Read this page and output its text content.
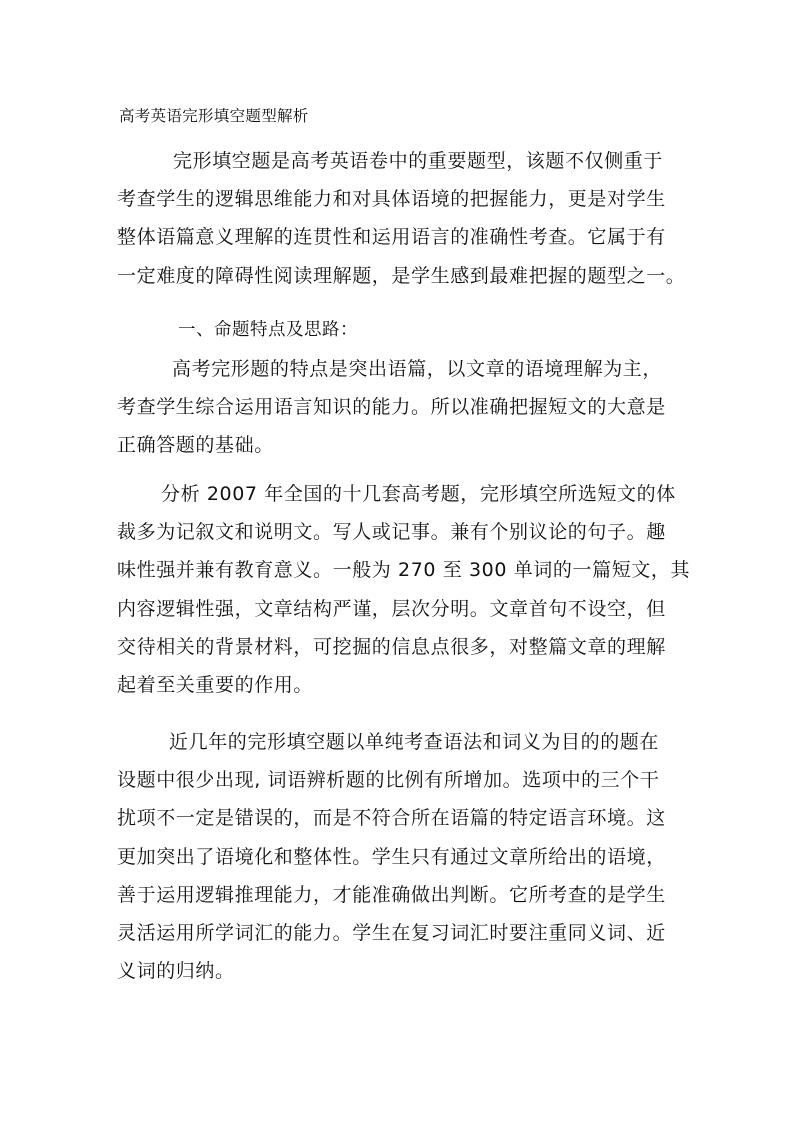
高考英语完形填空题型解析
完形填空题是高考英语卷中的重要题型，该题不仅侧重于
考查学生的逻辑思维能力和对具体语境的把握能力，更是对学生
整体语篇意义理解的连贯性和运用语言的准确性考查。它属于有
一定难度的障碍性阅读理解题，是学生感到最难把握的题型之一。
一、命题特点及思路：
高考完形题的特点是突出语篇，以文章的语境理解为主，
考查学生综合运用语言知识的能力。所以准确把握短文的大意是
正确答题的基础。
分析 2007 年全国的十几套高考题，完形填空所选短文的体
裁多为记叙文和说明文。写人或记事。兼有个别议论的句子。趣
味性强并兼有教育意义。一般为 270 至 300 单词的一篇短文，其
内容逻辑性强，文章结构严谨，层次分明。文章首句不设空，但
交待相关的背景材料，可挖掘的信息点很多，对整篇文章的理解
起着至关重要的作用。
近几年的完形填空题以单纯考查语法和词义为目的的题在
设题中很少出现, 词语辨析题的比例有所增加。选项中的三个干
扰项不一定是错误的，而是不符合所在语篇的特定语言环境。这
更加突出了语境化和整体性。学生只有通过文章所给出的语境，
善于运用逻辑推理能力，才能准确做出判断。它所考查的是学生
灵活运用所学词汇的能力。学生在复习词汇时要注重同义词、近
义词的归纳。
